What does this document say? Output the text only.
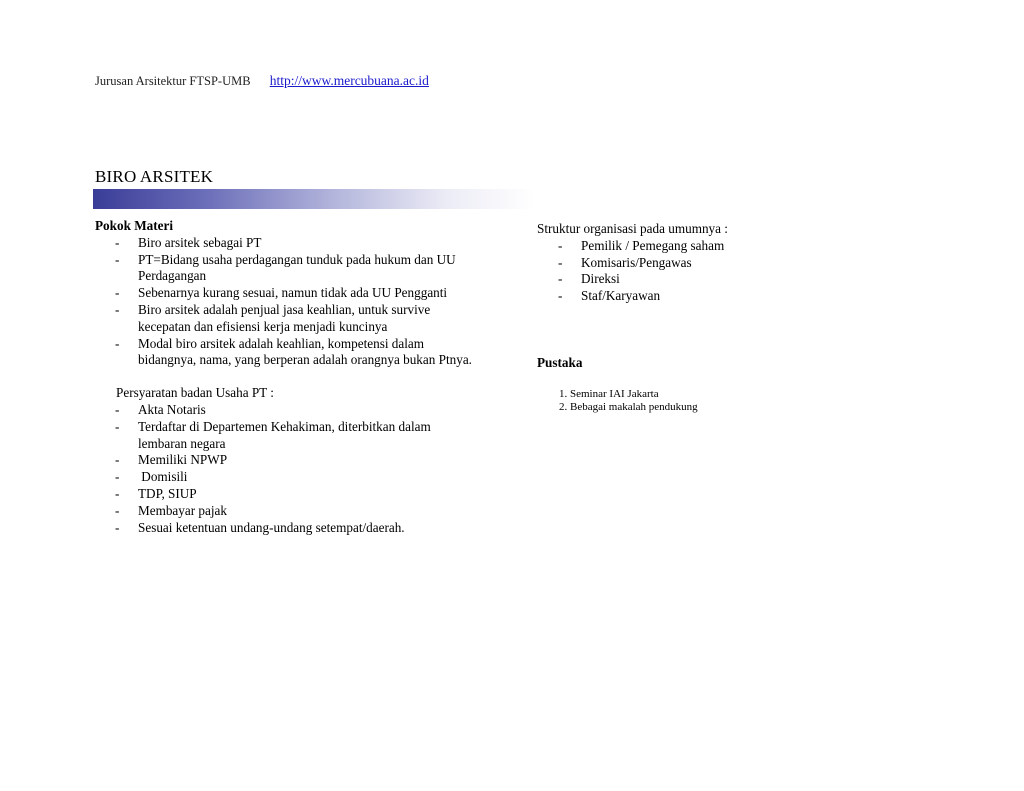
Jurusan Arsitektur FTSP-UMB http://www.mercubuana.ac.id
BIRO ARSITEK
Pokok Materi
- Biro arsitek sebagai PT
- PT=Bidang usaha perdagangan tunduk pada hukum dan UU Perdagangan
- Sebenarnya kurang sesuai, namun tidak ada UU Pengganti
- Biro arsitek adalah penjual jasa keahlian, untuk survive kecepatan dan efisiensi kerja menjadi kuncinya
- Modal biro arsitek adalah keahlian, kompetensi dalam bidangnya, nama, yang berperan adalah orangnya bukan Ptnya.
Persyaratan badan Usaha PT :
- Akta Notaris
- Terdaftar di Departemen Kehakiman, diterbitkan dalam lembaran negara
- Memiliki NPWP
- Domisili
- TDP, SIUP
- Membayar pajak
- Sesuai ketentuan undang-undang setempat/daerah.
Struktur organisasi pada umumnya :
- Pemilik / Pemegang saham
- Komisaris/Pengawas
- Direksi
- Staf/Karyawan
Pustaka
1. Seminar IAI Jakarta
2. Bebagai makalah pendukung
